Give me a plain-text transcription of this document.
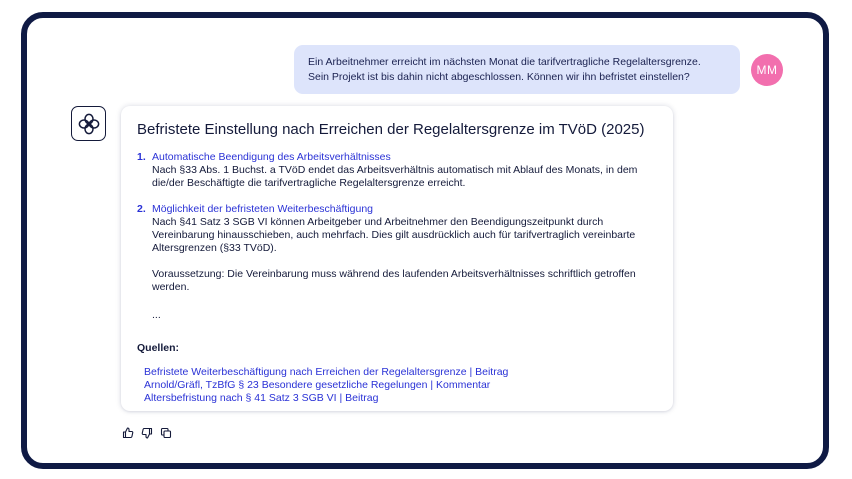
Ein Arbeitnehmer erreicht im nächsten Monat die tarifvertragliche Regelaltersgrenze.
Sein Projekt ist bis dahin nicht abgeschlossen. Können wir ihn befristet einstellen?	MM
Befristete Einstellung nach Erreichen der Regelaltersgrenze im TVöD (2025)
1. Automatische Beendigung des Arbeitsverhältnisses
Nach §33 Abs. 1 Buchst. a TVöD endet das Arbeitsverhältnis automatisch mit Ablauf des Monats, in dem
die/der Beschäftigte die tarifvertragliche Regelaltersgrenze erreicht.
2. Möglichkeit der befristeten Weiterbeschäftigung
Nach §41 Satz 3 SGB VI können Arbeitgeber und Arbeitnehmer den Beendigungszeitpunkt durch
Vereinbarung hinausschieben, auch mehrfach. Dies gilt ausdrücklich auch für tarifvertraglich vereinbarte
Altersgrenzen (§33 TVöD).
Voraussetzung: Die Vereinbarung muss während des laufenden Arbeitsverhältnisses schriftlich getroffen
werden.
...
Quellen:
Befristete Weiterbeschäftigung nach Erreichen der Regelaltersgrenze | Beitrag
Arnold/Gräfl, TzBfG § 23 Besondere gesetzliche Regelungen | Kommentar
Altersbefristung nach § 41 Satz 3 SGB VI | Beitrag
